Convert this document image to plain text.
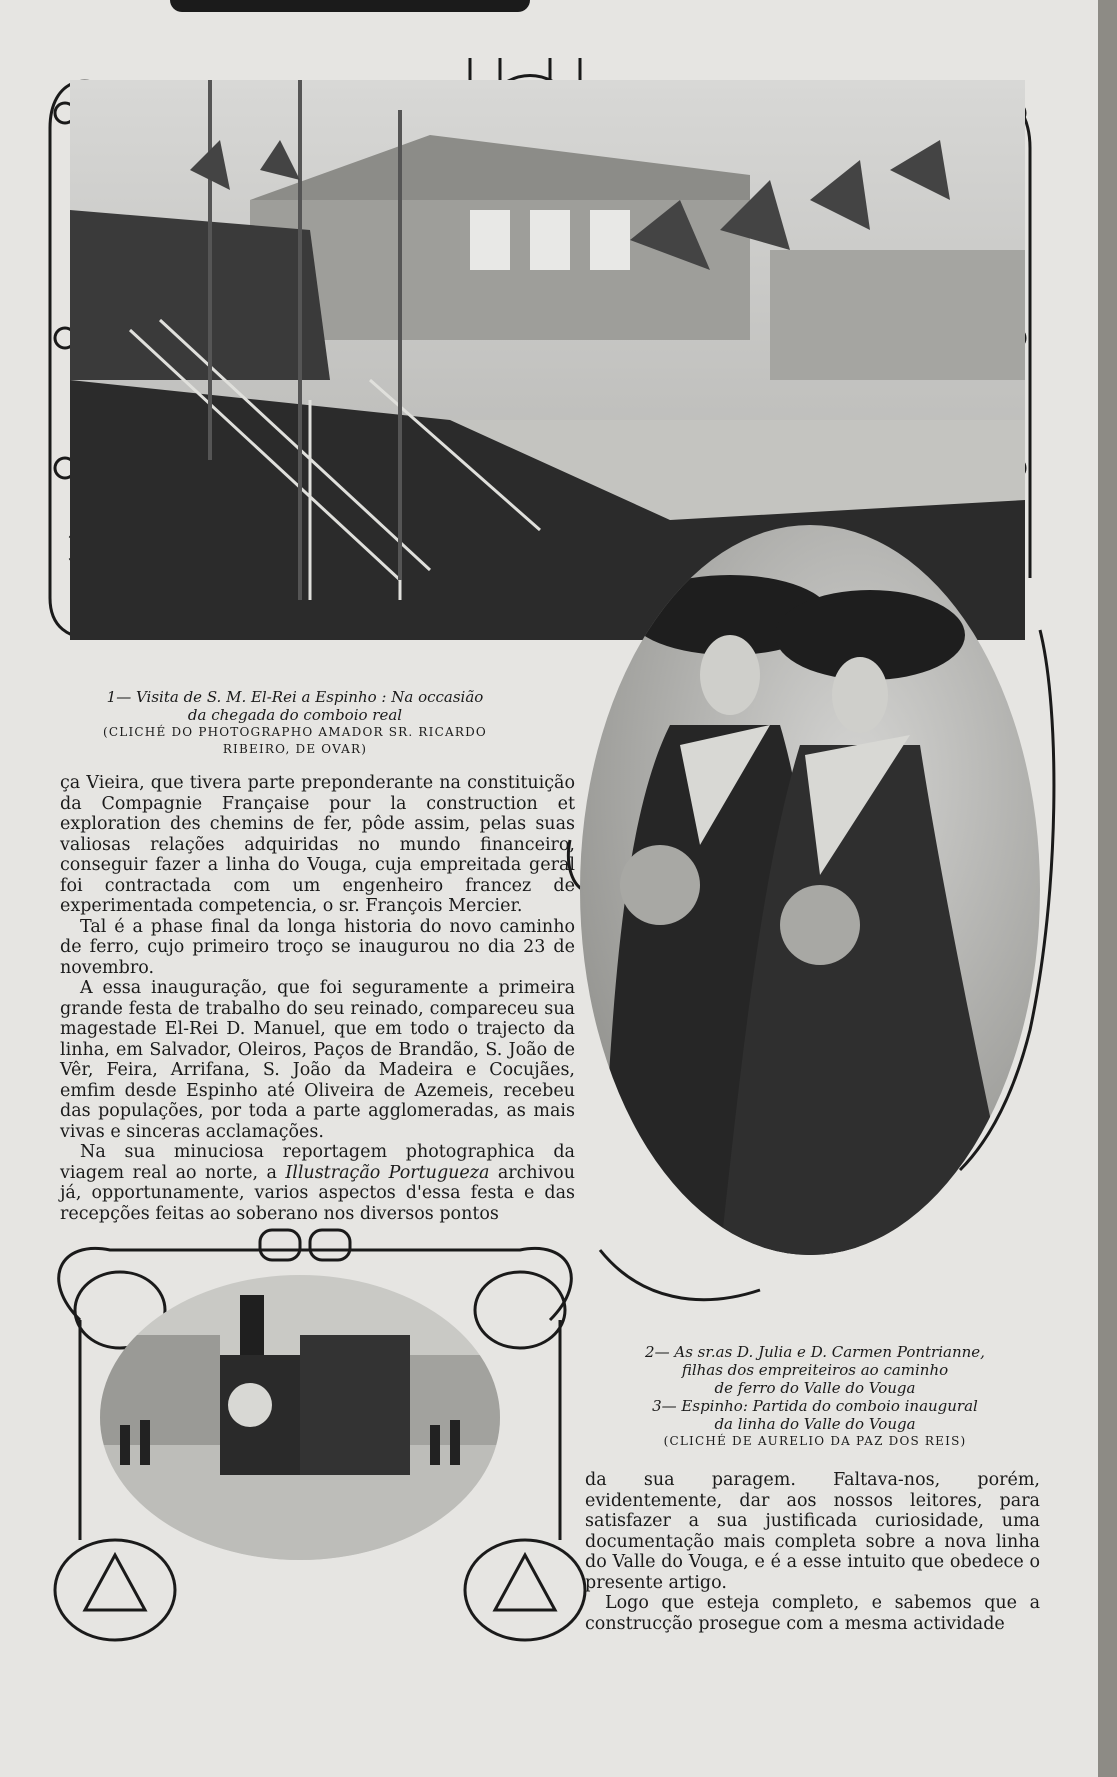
1— Visita de S. M. El-Rei a Espinho : Na occasião
da chegada do comboio real
(CLICHÉ DO PHOTOGRAPHO AMADOR SR. RICARDO
RIBEIRO, DE OVAR)

ça Vieira, que tivera parte preponderante na constituição da Compagnie Française pour la construction et exploration des chemins de fer, pôde assim, pelas suas valiosas relações adquiridas no mundo financeiro, conseguir fazer a linha do Vouga, cuja empreitada geral foi contractada com um engenheiro francez de experimentada competencia, o sr. François Mercier.

Tal é a phase final da longa historia do novo caminho de ferro, cujo primeiro troço se inaugurou no dia 23 de novembro.

A essa inauguração, que foi seguramente a primeira grande festa de trabalho do seu reinado, compareceu sua magestade El-Rei D. Manuel, que em todo o trajecto da linha, em Salvador, Oleiros, Paços de Brandão, S. João de Vêr, Feira, Arrifana, S. João da Madeira e Cocujães, emfim desde Espinho até Oliveira de Azemeis, recebeu das populações, por toda a parte agglomeradas, as mais vivas e sinceras acclamações.

Na sua minuciosa reportagem photographica da viagem real ao norte, a Illustração Portugueza archivou já, opportunamente, varios aspectos d'essa festa e das recepções feitas ao soberano nos diversos pontos

2— As sr.as D. Julia e D. Carmen Pontrianne,
filhas dos empreiteiros ao caminho
de ferro do Valle do Vouga
3— Espinho: Partida do comboio inaugural
da linha do Valle do Vouga
(CLICHÉ DE AURELIO DA PAZ DOS REIS)

da sua paragem. Faltava-nos, porém, evidentemente, dar aos nossos leitores, para satisfazer a sua justificada curiosidade, uma documentação mais completa sobre a nova linha do Valle do Vouga, e é a esse intuito que obedece o presente artigo.

Logo que esteja completo, e sabemos que a construcção prosegue com a mesma actividade
